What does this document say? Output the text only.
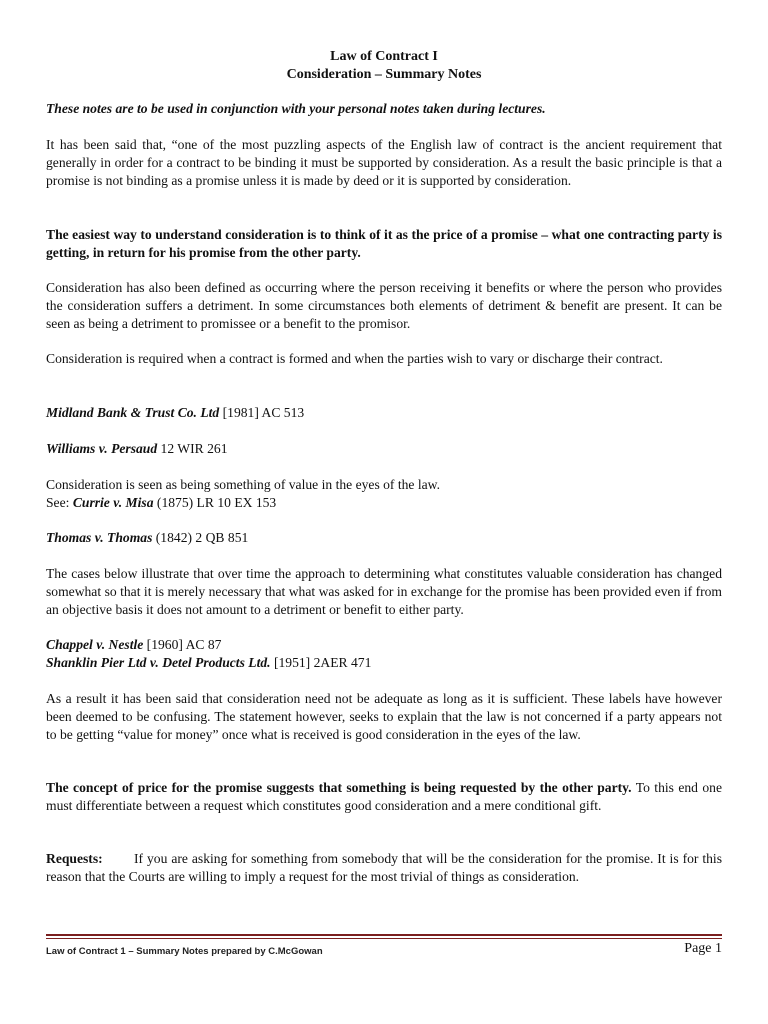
Law of Contract I
Consideration – Summary Notes

These notes are to be used in conjunction with your personal notes taken during lectures.

It has been said that, “one of the most puzzling aspects of the English law of contract is the ancient requirement that generally in order for a contract to be binding it must be supported by consideration. As a result the basic principle is that a promise is not binding as a promise unless it is made by deed or it is supported by consideration.

The easiest way to understand consideration is to think of it as the price of a promise – what one contracting party is getting, in return for his promise from the other party.

Consideration has also been defined as occurring where the person receiving it benefits or where the person who provides the consideration suffers a detriment. In some circumstances both elements of detriment & benefit are present. It can be seen as being a detriment to promissee or a benefit to the promisor.

Consideration is required when a contract is formed and when the parties wish to vary or discharge their contract.

Midland Bank & Trust Co. Ltd [1981] AC 513

Williams v. Persaud 12 WIR 261

Consideration is seen as being something of value in the eyes of the law.

See: Currie v. Misa (1875) LR 10 EX 153

Thomas v. Thomas (1842) 2 QB 851

The cases below illustrate that over time the approach to determining what constitutes valuable consideration has changed somewhat so that it is merely necessary that what was asked for in exchange for the promise has been provided even if from an objective basis it does not amount to a detriment or benefit to either party.

Chappel v. Nestle [1960] AC 87

Shanklin Pier Ltd v. Detel Products Ltd. [1951] 2AER 471

As a result it has been said that consideration need not be adequate as long as it is sufficient. These labels have however been deemed to be confusing. The statement however, seeks to explain that the law is not concerned if a party appears not to be getting “value for money” once what is received is good consideration in the eyes of the law.

The concept of price for the promise suggests that something is being requested by the other party. To this end one must differentiate between a request which constitutes good consideration and a mere conditional gift.

Requests: If you are asking for something from somebody that will be the consideration for the promise. It is for this reason that the Courts are willing to imply a request for the most trivial of things as consideration.

Law of Contract 1 – Summary Notes prepared by C.McGowan	Page 1
